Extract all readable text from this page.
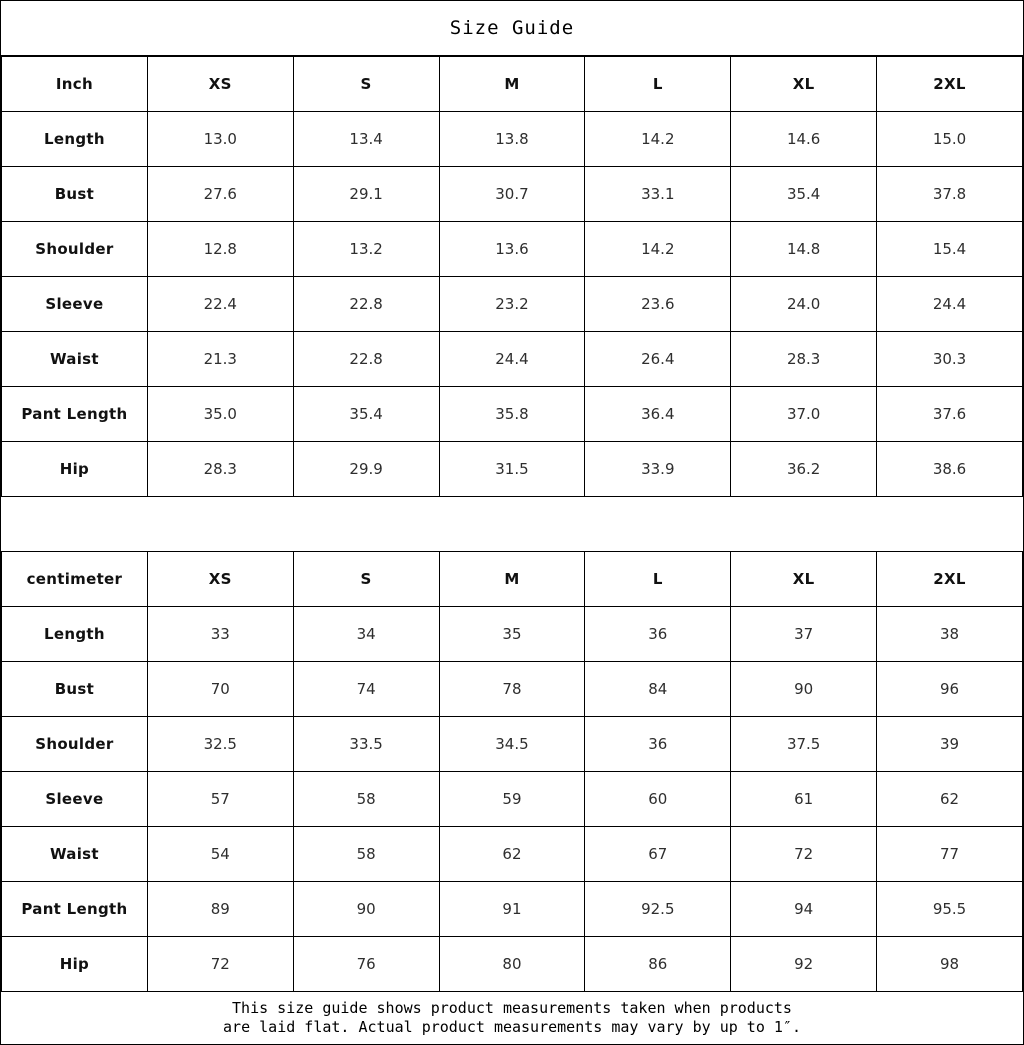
Size Guide
Inch	XS	S	M	L	XL	2XL
Length	13.0	13.4	13.8	14.2	14.6	15.0
Bust	27.6	29.1	30.7	33.1	35.4	37.8
Shoulder	12.8	13.2	13.6	14.2	14.8	15.4
Sleeve	22.4	22.8	23.2	23.6	24.0	24.4
Waist	21.3	22.8	24.4	26.4	28.3	30.3
Pant Length	35.0	35.4	35.8	36.4	37.0	37.6
Hip	28.3	29.9	31.5	33.9	36.2	38.6
centimeter	XS	S	M	L	XL	2XL
Length	33	34	35	36	37	38
Bust	70	74	78	84	90	96
Shoulder	32.5	33.5	34.5	36	37.5	39
Sleeve	57	58	59	60	61	62
Waist	54	58	62	67	72	77
Pant Length	89	90	91	92.5	94	95.5
Hip	72	76	80	86	92	98
This size guide shows product measurements taken when products
are laid flat. Actual product measurements may vary by up to 1″.
